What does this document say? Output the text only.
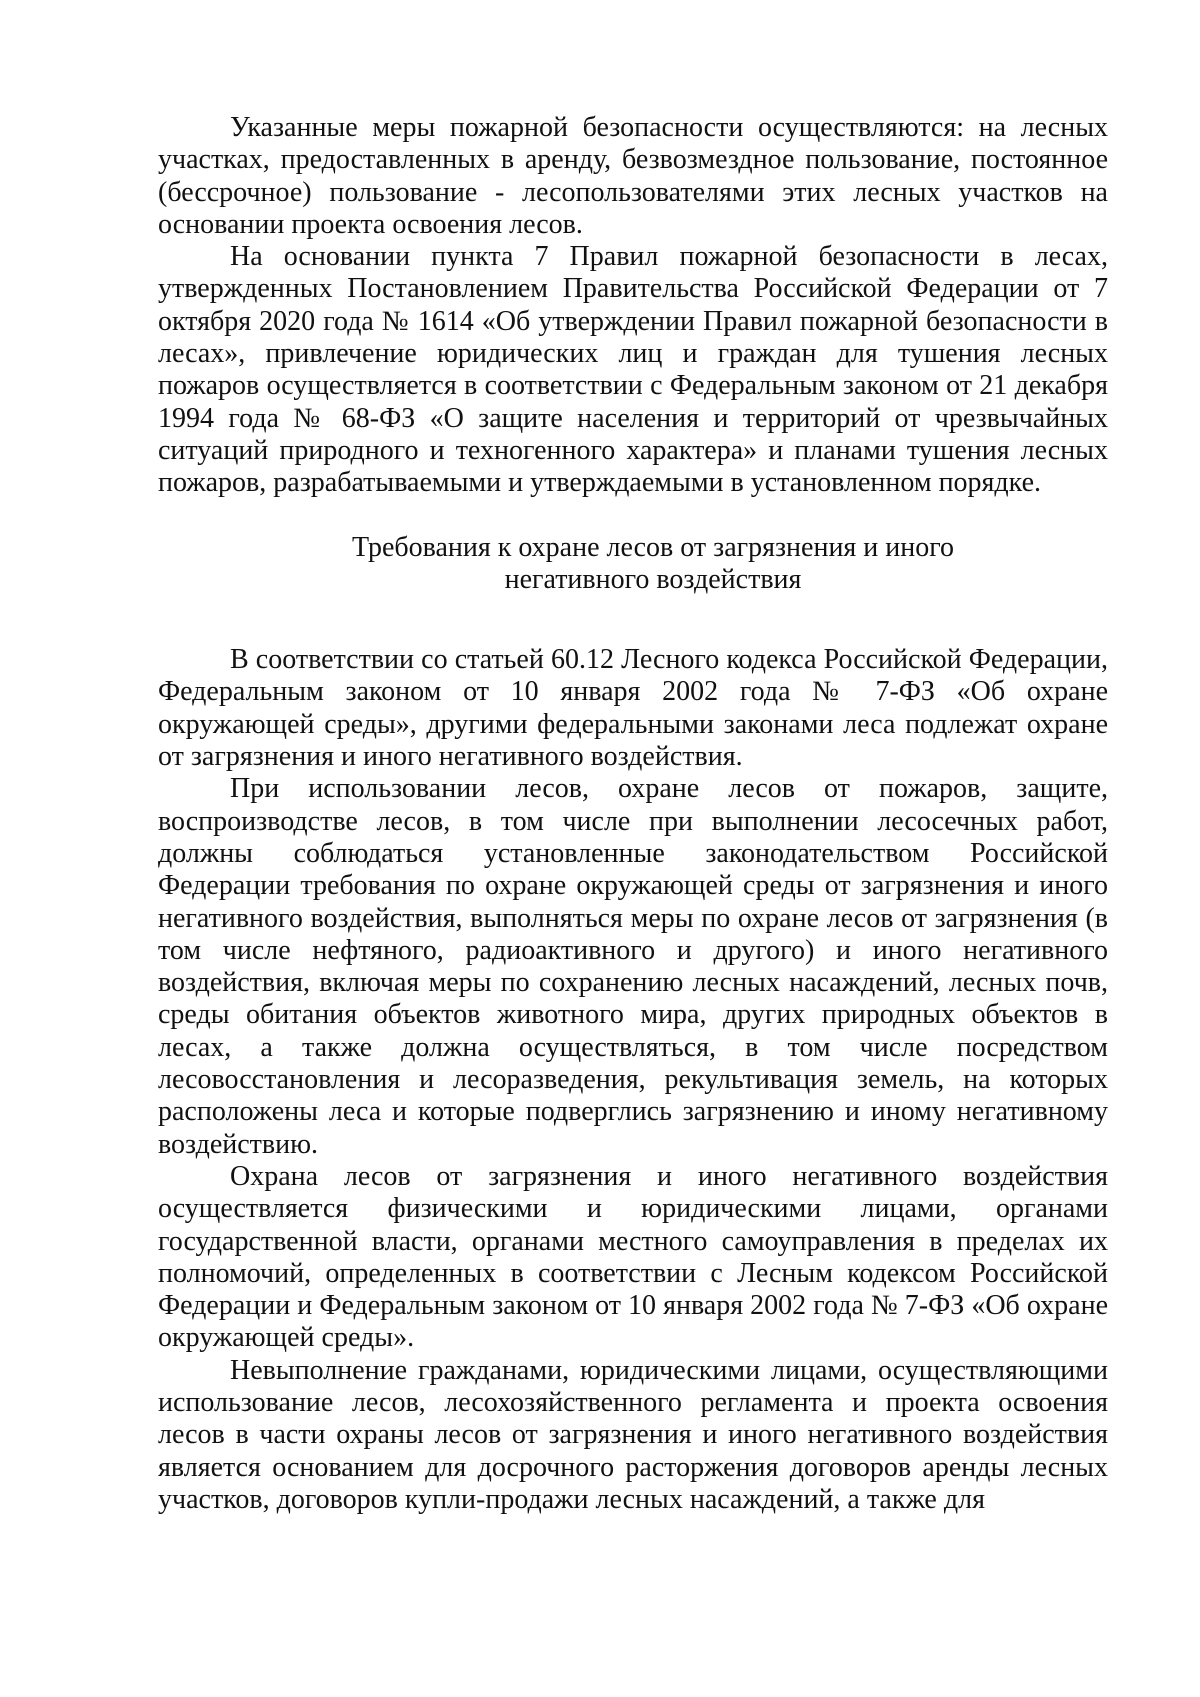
Указанные меры пожарной безопасности осуществляются: на лесных участках, предоставленных в аренду, безвозмездное пользование, постоянное (бессрочное) пользование - лесопользователями этих лесных участков на основании проекта освоения лесов.

На основании пункта 7 Правил пожарной безопасности в лесах, утвержденных Постановлением Правительства Российской Федерации от 7 октября 2020 года № 1614 «Об утверждении Правил пожарной безопасности в лесах», привлечение юридических лиц и граждан для тушения лесных пожаров осуществляется в соответствии с Федеральным законом от 21 декабря 1994 года № 68-ФЗ «О защите населения и территорий от чрезвычайных ситуаций природного и техногенного характера» и планами тушения лесных пожаров, разрабатываемыми и утверждаемыми в установленном порядке.

Требования к охране лесов от загрязнения и иного
негативного воздействия

В соответствии со статьей 60.12 Лесного кодекса Российской Федерации, Федеральным законом от 10 января 2002 года № 7-ФЗ «Об охране окружающей среды», другими федеральными законами леса подлежат охране от загрязнения и иного негативного воздействия.

При использовании лесов, охране лесов от пожаров, защите, воспроизводстве лесов, в том числе при выполнении лесосечных работ, должны соблюдаться установленные законодательством Российской Федерации требования по охране окружающей среды от загрязнения и иного негативного воздействия, выполняться меры по охране лесов от загрязнения (в том числе нефтяного, радиоактивного и другого) и иного негативного воздействия, включая меры по сохранению лесных насаждений, лесных почв, среды обитания объектов животного мира, других природных объектов в лесах, а также должна осуществляться, в том числе посредством лесовосстановления и лесоразведения, рекультивация земель, на которых расположены леса и которые подверглись загрязнению и иному негативному воздействию.

Охрана лесов от загрязнения и иного негативного воздействия осуществляется физическими и юридическими лицами, органами государственной власти, органами местного самоуправления в пределах их полномочий, определенных в соответствии с Лесным кодексом Российской Федерации и Федеральным законом от 10 января 2002 года № 7-ФЗ «Об охране окружающей среды».

Невыполнение гражданами, юридическими лицами, осуществляющими использование лесов, лесохозяйственного регламента и проекта освоения лесов в части охраны лесов от загрязнения и иного негативного воздействия является основанием для досрочного расторжения договоров аренды лесных участков, договоров купли-продажи лесных насаждений, а также для
